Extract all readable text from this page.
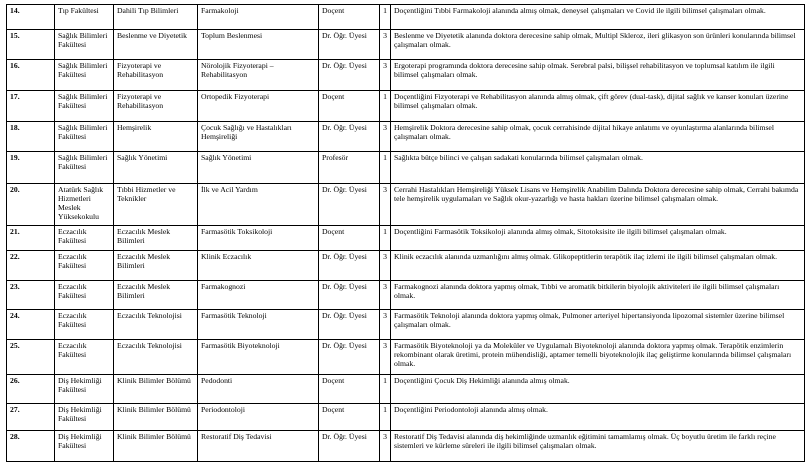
14.	Tıp Fakültesi	Dahili Tıp Bilimleri	Farmakoloji	Doçent	1	Doçentliğini Tıbbi Farmakoloji alanında almış olmak, deneysel çalışmaları ve Covid ile ilgili bilimsel çalışmaları olmak.
15.	Sağlık Bilimleri Fakültesi	Beslenme ve Diyetetik	Toplum Beslenmesi	Dr. Öğr. Üyesi	3	Beslenme ve Diyetetik alanında doktora derecesine sahip olmak, Multipl Skleroz, ileri glikasyon son ürünleri konularında bilimsel çalışmaları olmak.
16.	Sağlık Bilimleri Fakültesi	Fizyoterapi ve Rehabilitasyon	Nörolojik Fizyoterapi – Rehabilitasyon	Dr. Öğr. Üyesi	3	Ergoterapi programında doktora derecesine sahip olmak. Serebral palsi, bilişsel rehabilitasyon ve toplumsal katılım ile ilgili bilimsel çalışmaları olmak.
17.	Sağlık Bilimleri Fakültesi	Fizyoterapi ve Rehabilitasyon	Ortopedik Fizyoterapi	Doçent	1	Doçentliğini Fizyoterapi ve Rehabilitasyon alanında almış olmak, çift görev (dual-task), dijital sağlık ve kanser konuları üzerine bilimsel çalışmaları olmak.
18.	Sağlık Bilimleri Fakültesi	Hemşirelik	Çocuk Sağlığı ve Hastalıkları Hemşireliği	Dr. Öğr. Üyesi	3	Hemşirelik Doktora derecesine sahip olmak, çocuk cerrahisinde dijital hikaye anlatımı ve oyunlaştırma alanlarında bilimsel çalışmaları olmak.
19.	Sağlık Bilimleri Fakültesi	Sağlık Yönetimi	Sağlık Yönetimi	Profesör	1	Sağlıkta bütçe bilinci ve çalışan sadakati konularında bilimsel çalışmaları olmak.
20.	Atatürk Sağlık Hizmetleri Meslek Yüksekokulu	Tıbbi Hizmetler ve Teknikler	İlk ve Acil Yardım	Dr. Öğr. Üyesi	3	Cerrahi Hastalıkları Hemşireliği Yüksek Lisans ve Hemşirelik Anabilim Dalında Doktora derecesine sahip olmak, Cerrahi bakımda tele hemşirelik uygulamaları ve Sağlık okur-yazarlığı ve hasta hakları üzerine bilimsel çalışmaları olmak.
21.	Eczacılık Fakültesi	Eczacılık Meslek Bilimleri	Farmasötik Toksikoloji	Doçent	1	Doçentliğini Farmasötik Toksikoloji alanında almış olmak, Sitotoksisite ile ilgili bilimsel çalışmaları olmak.
22.	Eczacılık Fakültesi	Eczacılık Meslek Bilimleri	Klinik Eczacılık	Dr. Öğr. Üyesi	3	Klinik eczacılık alanında uzmanlığını almış olmak. Glikopeptitlerin terapötik ilaç izlemi ile ilgili bilimsel çalışmaları olmak.
23.	Eczacılık Fakültesi	Eczacılık Meslek Bilimleri	Farmakognozi	Dr. Öğr. Üyesi	3	Farmakognozi alanında doktora yapmış olmak, Tıbbi ve aromatik bitkilerin biyolojik aktiviteleri ile ilgili bilimsel çalışmaları olmak.
24.	Eczacılık Fakültesi	Eczacılık Teknolojisi	Farmasötik Teknoloji	Dr. Öğr. Üyesi	3	Farmasötik Teknoloji alanında doktora yapmış olmak, Pulmoner arteriyel hipertansiyonda lipozomal sistemler üzerine bilimsel çalışmaları olmak.
25.	Eczacılık Fakültesi	Eczacılık Teknolojisi	Farmasötik Biyoteknoloji	Dr. Öğr. Üyesi	3	Farmasötik Biyoteknoloji ya da Moleküler ve Uygulamalı Biyoteknoloji alanında doktora yapmış olmak. Terapötik enzimlerin rekombinant olarak üretimi, protein mühendisliği, aptamer temelli biyoteknolojik ilaç geliştirme konularında bilimsel çalışmaları olmak.
26.	Diş Hekimliği Fakültesi	Klinik Bilimler Bölümü	Pedodonti	Doçent	1	Doçentliğini Çocuk Diş Hekimliği alanında almış olmak.
27.	Diş Hekimliği Fakültesi	Klinik Bilimler Bölümü	Periodontoloji	Doçent	1	Doçentliğini Periodontoloji alanında almış olmak.
28.	Diş Hekimliği Fakültesi	Klinik Bilimler Bölümü	Restoratif Diş Tedavisi	Dr. Öğr. Üyesi	3	Restoratif Diş Tedavisi alanında diş hekimliğinde uzmanlık eğitimini tamamlamış olmak. Üç boyutlu üretim ile farklı reçine sistemleri ve kürleme süreleri ile ilgili bilimsel çalışmaları olmak.
